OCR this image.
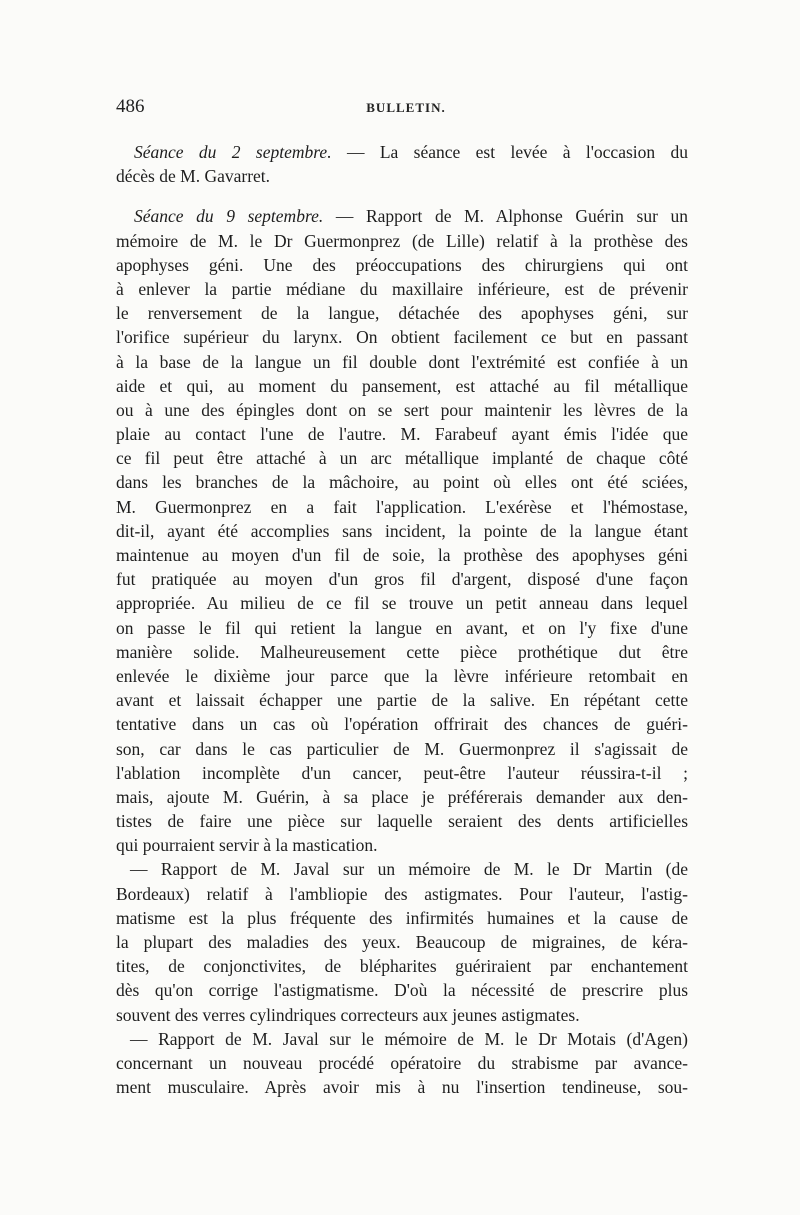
486	BULLETIN.
Séance du 2 septembre. — La séance est levée à l'occasion du
décès de M. Gavarret.
Séance du 9 septembre. — Rapport de M. Alphonse Guérin sur un
mémoire de M. le Dr Guermonprez (de Lille) relatif à la prothèse des
apophyses géni. Une des préoccupations des chirurgiens qui ont
à enlever la partie médiane du maxillaire inférieure, est de prévenir
le renversement de la langue, détachée des apophyses géni, sur
l'orifice supérieur du larynx. On obtient facilement ce but en passant
à la base de la langue un fil double dont l'extrémité est confiée à un
aide et qui, au moment du pansement, est attaché au fil métallique
ou à une des épingles dont on se sert pour maintenir les lèvres de la
plaie au contact l'une de l'autre. M. Farabeuf ayant émis l'idée que
ce fil peut être attaché à un arc métallique implanté de chaque côté
dans les branches de la mâchoire, au point où elles ont été sciées,
M. Guermonprez en a fait l'application. L'exérèse et l'hémostase,
dit-il, ayant été accomplies sans incident, la pointe de la langue étant
maintenue au moyen d'un fil de soie, la prothèse des apophyses géni
fut pratiquée au moyen d'un gros fil d'argent, disposé d'une façon
appropriée. Au milieu de ce fil se trouve un petit anneau dans lequel
on passe le fil qui retient la langue en avant, et on l'y fixe d'une
manière solide. Malheureusement cette pièce prothétique dut être
enlevée le dixième jour parce que la lèvre inférieure retombait en
avant et laissait échapper une partie de la salive. En répétant cette
tentative dans un cas où l'opération offrirait des chances de guéri-
son, car dans le cas particulier de M. Guermonprez il s'agissait de
l'ablation incomplète d'un cancer, peut-être l'auteur réussira-t-il ;
mais, ajoute M. Guérin, à sa place je préférerais demander aux den-
tistes de faire une pièce sur laquelle seraient des dents artificielles
qui pourraient servir à la mastication.
— Rapport de M. Javal sur un mémoire de M. le Dr Martin (de
Bordeaux) relatif à l'ambliopie des astigmates. Pour l'auteur, l'astig-
matisme est la plus fréquente des infirmités humaines et la cause de
la plupart des maladies des yeux. Beaucoup de migraines, de kéra-
tites, de conjonctivites, de blépharites guériraient par enchantement
dès qu'on corrige l'astigmatisme. D'où la nécessité de prescrire plus
souvent des verres cylindriques correcteurs aux jeunes astigmates.
— Rapport de M. Javal sur le mémoire de M. le Dr Motais (d'Agen)
concernant un nouveau procédé opératoire du strabisme par avance-
ment musculaire. Après avoir mis à nu l'insertion tendineuse, sou-
